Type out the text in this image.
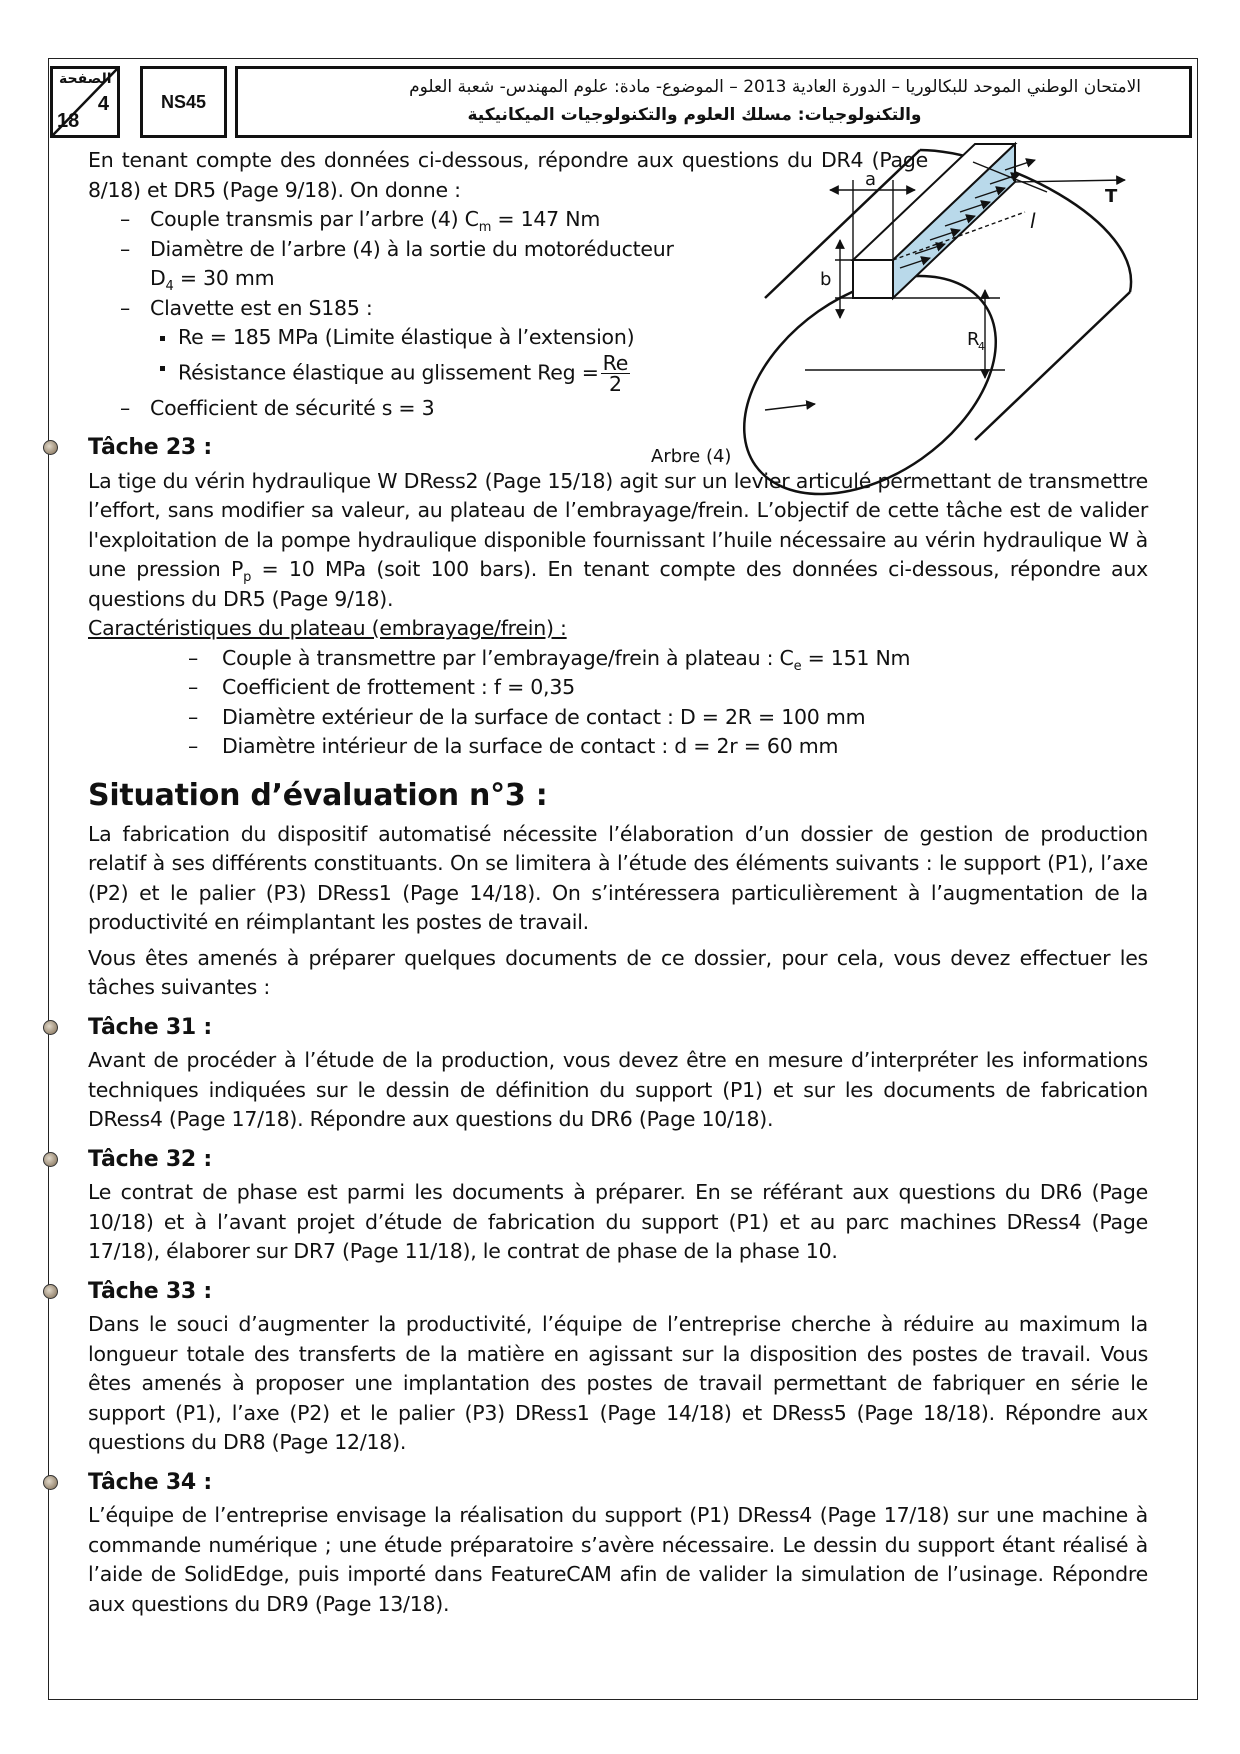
الصفحة
4
18
NS45
الامتحان الوطني الموحد للبكالوريا – الدورة العادية 2013 – الموضوع- مادة: علوم المهندس- شعبة العلوم
والتكنولوجيات: مسلك العلوم والتكنولوجيات الميكانيكية
a
b
l
T
R
4
Arbre (4)

En tenant compte des données ci-dessous, répondre aux questions du DR4 (Page 8/18) et DR5 (Page 9/18). On donne :

– Couple transmis par l’arbre (4) $C_m = 147$ Nm
– Diamètre de l’arbre (4) à la sortie du motoréducteur
$D_4 = 30$ mm
– Clavette est en S185 :
Re = 185 MPa (Limite élastique à l’extension)
Résistance élastique au glissement Reg = $\frac{Re}{2}$
– Coefficient de sécurité s = 3
Tâche 23 :

La tige du vérin hydraulique W DRess2 (Page 15/18) agit sur un levier articulé permettant de transmettre l’effort, sans modifier sa valeur, au plateau de l’embrayage/frein. L’objectif de cette tâche est de valider l'exploitation de la pompe hydraulique disponible fournissant l’huile nécessaire au vérin hydraulique W à une pression $P_p = 10$ MPa (soit 100 bars). En tenant compte des données ci-dessous, répondre aux questions du DR5 (Page 9/18).

Caractéristiques du plateau (embrayage/frein) :

– Couple à transmettre par l’embrayage/frein à plateau : $C_e = 151$ Nm
– Coefficient de frottement : f = 0,35
– Diamètre extérieur de la surface de contact : D = 2R = 100 mm
– Diamètre intérieur de la surface de contact : d = 2r = 60 mm
Situation d’évaluation n°3 :

La fabrication du dispositif automatisé nécessite l’élaboration d’un dossier de gestion de production relatif à ses différents constituants. On se limitera à l’étude des éléments suivants : le support (P1), l’axe (P2) et le palier (P3) DRess1 (Page 14/18). On s’intéressera particulièrement à l’augmentation de la productivité en réimplantant les postes de travail.

Vous êtes amenés à préparer quelques documents de ce dossier, pour cela, vous devez effectuer les tâches suivantes :

Tâche 31 :

Avant de procéder à l’étude de la production, vous devez être en mesure d’interpréter les informations techniques indiquées sur le dessin de définition du support (P1) et sur les documents de fabrication DRess4 (Page 17/18). Répondre aux questions du DR6 (Page 10/18).

Tâche 32 :

Le contrat de phase est parmi les documents à préparer. En se référant aux questions du DR6 (Page 10/18) et à l’avant projet d’étude de fabrication du support (P1) et au parc machines DRess4 (Page 17/18), élaborer sur DR7 (Page 11/18), le contrat de phase de la phase 10.

Tâche 33 :

Dans le souci d’augmenter la productivité, l’équipe de l’entreprise cherche à réduire au maximum la longueur totale des transferts de la matière en agissant sur la disposition des postes de travail. Vous êtes amenés à proposer une implantation des postes de travail permettant de fabriquer en série le support (P1), l’axe (P2) et le palier (P3) DRess1 (Page 14/18) et DRess5 (Page 18/18). Répondre aux questions du DR8 (Page 12/18).

Tâche 34 :

L’équipe de l’entreprise envisage la réalisation du support (P1) DRess4 (Page 17/18) sur une machine à commande numérique ; une étude préparatoire s’avère nécessaire. Le dessin du support étant réalisé à l’aide de SolidEdge, puis importé dans FeatureCAM afin de valider la simulation de l’usinage. Répondre aux questions du DR9 (Page 13/18).
